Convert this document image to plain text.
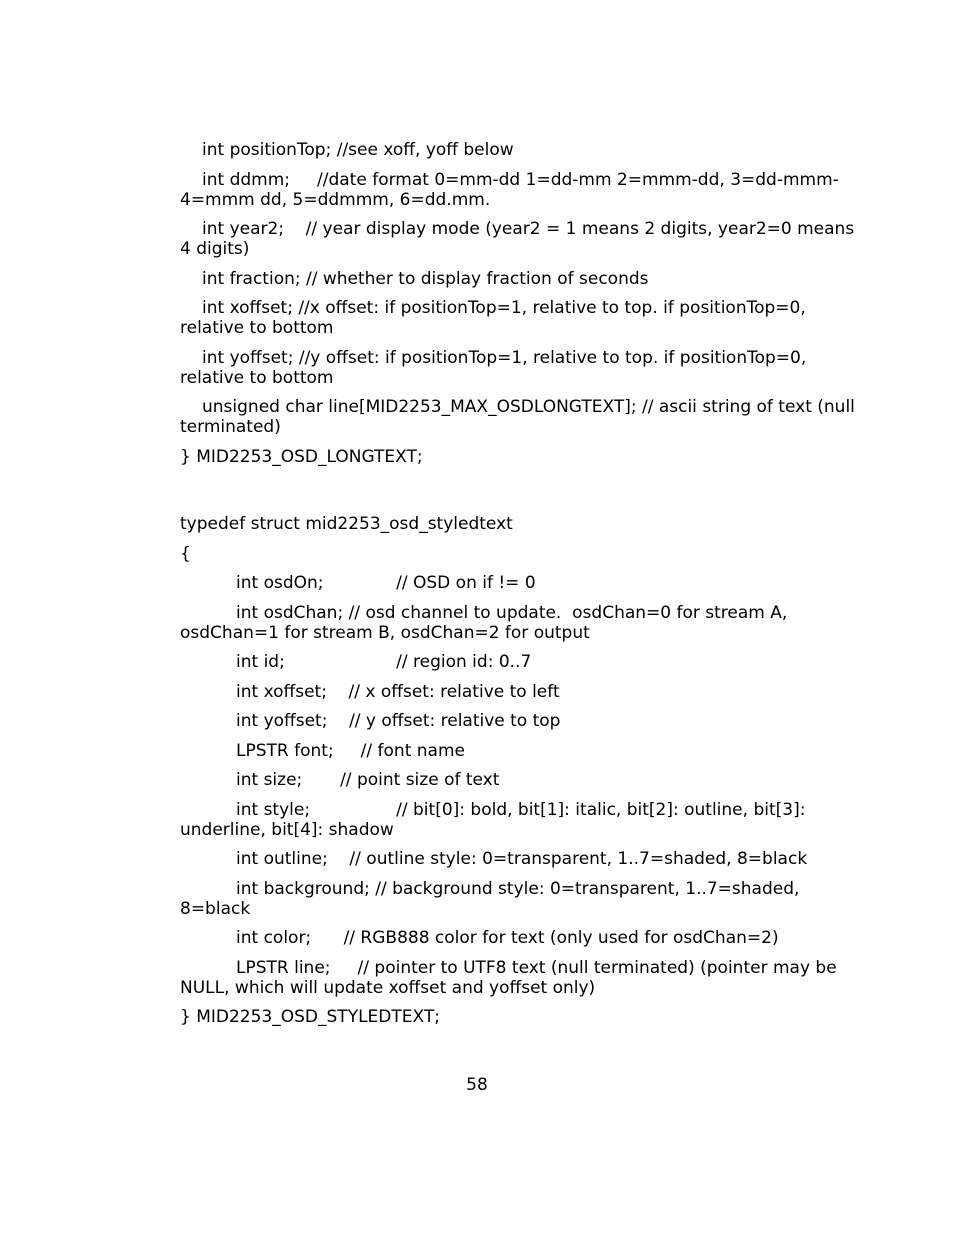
int positionTop; //see xoff, yoff below
int ddmm;     //date format 0=mm-dd 1=dd-mm 2=mmm-dd, 3=dd-mmm-4=mmm dd, 5=ddmmm, 6=dd.mm.
int year2;    // year display mode (year2 = 1 means 2 digits, year2=0 means 4 digits)
int fraction; // whether to display fraction of seconds
int xoffset; //x offset: if positionTop=1, relative to top. if positionTop=0, relative to bottom
int yoffset; //y offset: if positionTop=1, relative to top. if positionTop=0, relative to bottom
unsigned char line[MID2253_MAX_OSDLONGTEXT]; // ascii string of text (null terminated)
} MID2253_OSD_LONGTEXT;
typedef struct mid2253_osd_styledtext
{
int osdOn;		// OSD on if != 0
int osdChan; // osd channel to update.  osdChan=0 for stream A, osdChan=1 for stream B, osdChan=2 for output
int id;			// region id: 0..7
int xoffset;    // x offset: relative to left
int yoffset;    // y offset: relative to top
LPSTR font;     // font name
int size;       // point size of text
int style;		// bit[0]: bold, bit[1]: italic, bit[2]: outline, bit[3]: underline, bit[4]: shadow
int outline;    // outline style: 0=transparent, 1..7=shaded, 8=black
int background; // background style: 0=transparent, 1..7=shaded, 8=black
int color;      // RGB888 color for text (only used for osdChan=2)
LPSTR line;     // pointer to UTF8 text (null terminated) (pointer may be NULL, which will update xoffset and yoffset only)
} MID2253_OSD_STYLEDTEXT;
58
